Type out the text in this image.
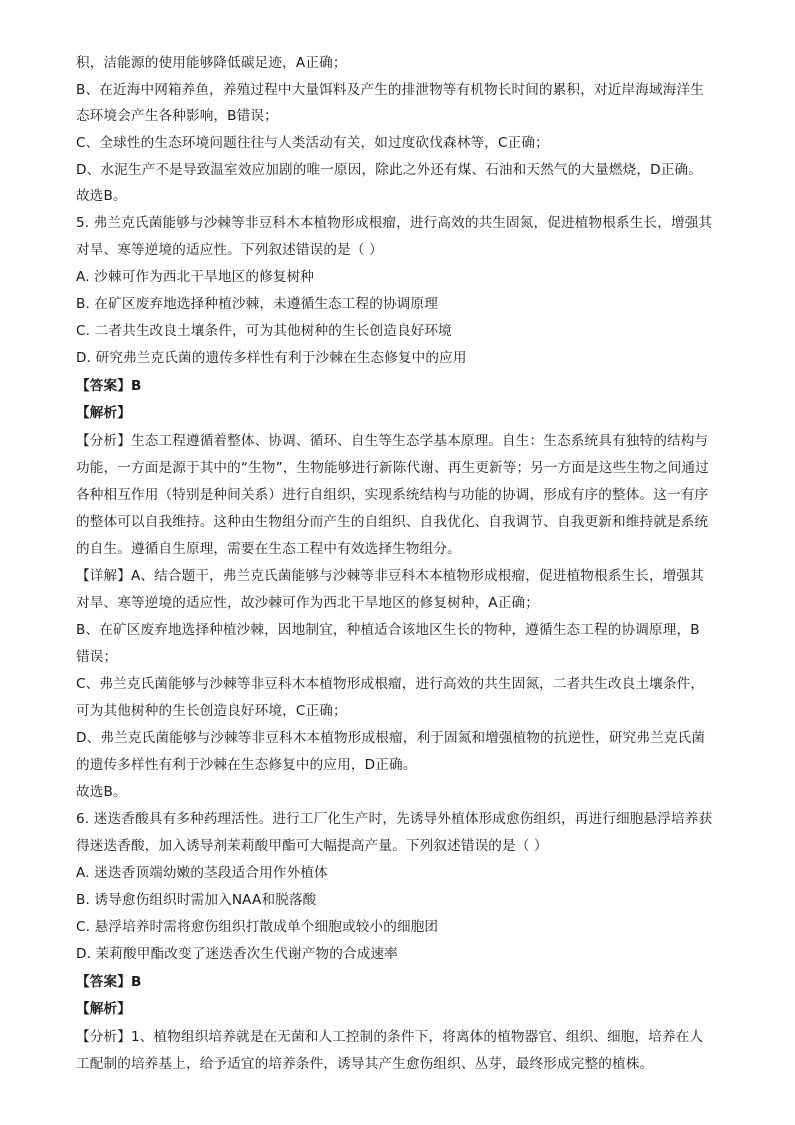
积，洁能源的使用能够降低碳足迹，A正确；
B、在近海中网箱养鱼，养殖过程中大量饵料及产生的排泄物等有机物长时间的累积，对近岸海域海洋生
态环境会产生各种影响，B错误；
C、全球性的生态环境问题往往与人类活动有关，如过度砍伐森林等，C正确；
D、水泥生产不是导致温室效应加剧的唯一原因，除此之外还有煤、石油和天然气的大量燃烧，D正确。
故选B。
5. 弗兰克氏菌能够与沙棘等非豆科木本植物形成根瘤，进行高效的共生固氮，促进植物根系生长，增强其
对旱、寒等逆境的适应性。下列叙述错误的是（ ）
A. 沙棘可作为西北干旱地区的修复树种
B. 在矿区废弃地选择种植沙棘，未遵循生态工程的协调原理
C. 二者共生改良土壤条件，可为其他树种的生长创造良好环境
D. 研究弗兰克氏菌的遗传多样性有利于沙棘在生态修复中的应用
【答案】B
【解析】
【分析】生态工程遵循着整体、协调、循环、自生等生态学基本原理。自生：生态系统具有独特的结构与
功能，一方面是源于其中的“生物”，生物能够进行新陈代谢、再生更新等；另一方面是这些生物之间通过
各种相互作用（特别是种间关系）进行自组织，实现系统结构与功能的协调，形成有序的整体。这一有序
的整体可以自我维持。这种由生物组分而产生的自组织、自我优化、自我调节、自我更新和维持就是系统
的自生。遵循自生原理，需要在生态工程中有效选择生物组分。
【详解】A、结合题干，弗兰克氏菌能够与沙棘等非豆科木本植物形成根瘤，促进植物根系生长，增强其
对旱、寒等逆境的适应性，故沙棘可作为西北干旱地区的修复树种，A正确；
B、在矿区废弃地选择种植沙棘，因地制宜，种植适合该地区生长的物种，遵循生态工程的协调原理，B
错误；
C、弗兰克氏菌能够与沙棘等非豆科木本植物形成根瘤，进行高效的共生固氮，二者共生改良土壤条件，
可为其他树种的生长创造良好环境，C正确；
D、弗兰克氏菌能够与沙棘等非豆科木本植物形成根瘤，利于固氮和增强植物的抗逆性，研究弗兰克氏菌
的遗传多样性有利于沙棘在生态修复中的应用，D正确。
故选B。
6. 迷迭香酸具有多种药理活性。进行工厂化生产时，先诱导外植体形成愈伤组织，再进行细胞悬浮培养获
得迷迭香酸，加入诱导剂茉莉酸甲酯可大幅提高产量。下列叙述错误的是（ ）
A. 迷迭香顶端幼嫩的茎段适合用作外植体
B. 诱导愈伤组织时需加入NAA和脱落酸
C. 悬浮培养时需将愈伤组织打散成单个细胞或较小的细胞团
D. 茉莉酸甲酯改变了迷迭香次生代谢产物的合成速率
【答案】B
【解析】
【分析】1、植物组织培养就是在无菌和人工控制的条件下，将离体的植物器官、组织、细胞，培养在人
工配制的培养基上，给予适宜的培养条件，诱导其产生愈伤组织、丛芽，最终形成完整的植株。
